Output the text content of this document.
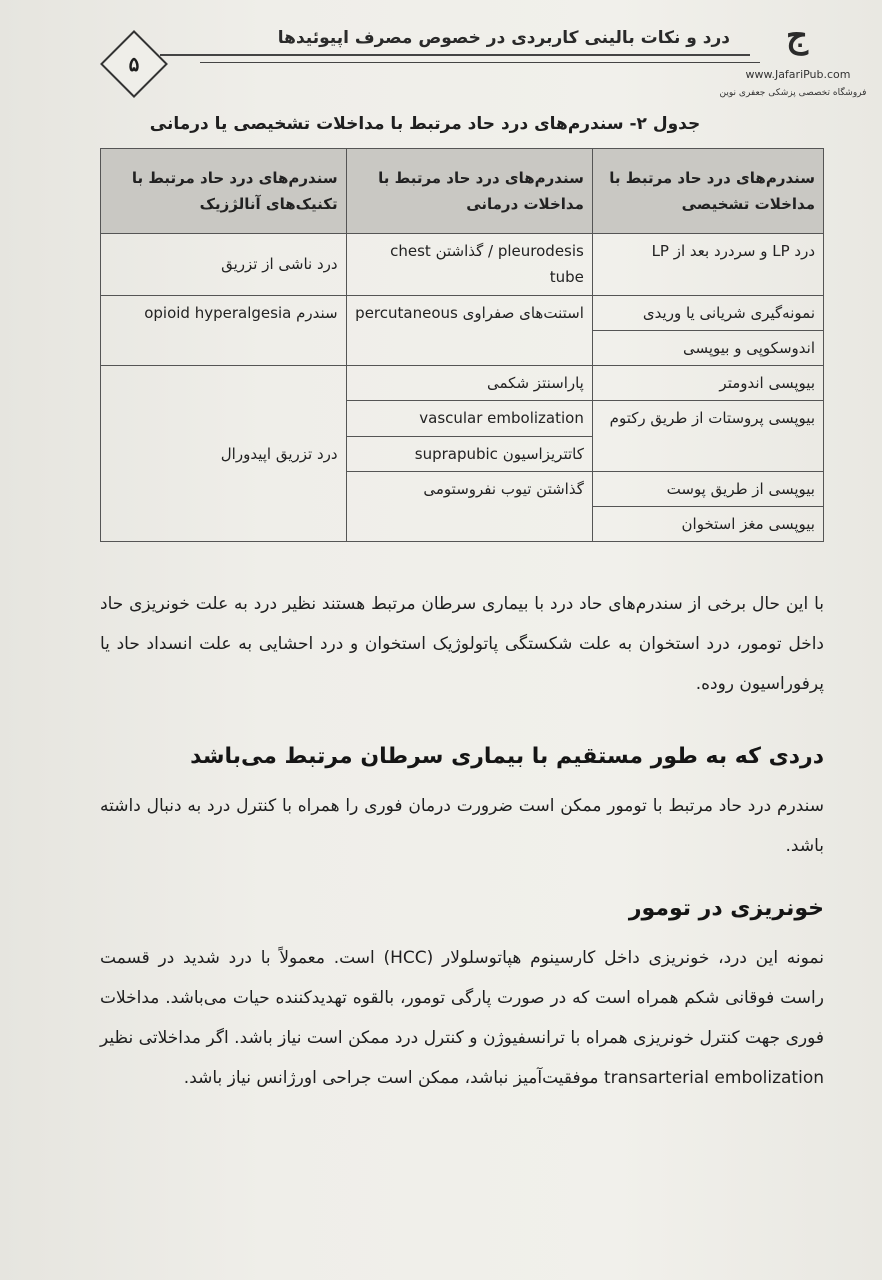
درد و نکات بالینی کاربردی در خصوص مصرف اپیوئیدها
۵
ج
www.JafariPub.com
فروشگاه تخصصی پزشکی جعفری نوین
جدول ۲- سندرم‌های درد حاد مرتبط با مداخلات تشخیصی یا درمانی
سندرم‌های درد حاد مرتبط با مداخلات تشخیصی	سندرم‌های درد حاد مرتبط با مداخلات درمانی	سندرم‌های درد حاد مرتبط با تکنیک‌های آنالژزیک
درد LP و سردرد بعد از LP	pleurodesis / گذاشتن chest tube	درد ناشی از تزریق
نمونه‌گیری شریانی یا وریدی	استنت‌های صفراوی percutaneous	سندرم opioid hyperalgesia
اندوسکوپی و بیوپسی		
بیوپسی اندومتر	پاراسنتز شکمی	درد تزریق اپیدورال
بیوپسی پروستات از طریق رکتوم	vascular embolization	
	کاتتریزاسیون suprapubic	
بیوپسی از طریق پوست	گذاشتن تیوب نفروستومی	
بیوپسی مغز استخوان		
با این حال برخی از سندرم‌های حاد درد با بیماری سرطان مرتبط هستند نظیر درد به علت خونریزی حاد داخل تومور، درد استخوان به علت شکستگی پاتولوژیک استخوان و درد احشایی به علت انسداد حاد یا پرفوراسیون روده.
دردی که به طور مستقیم با بیماری سرطان مرتبط می‌باشد
سندرم درد حاد مرتبط با تومور ممکن است ضرورت درمان فوری را همراه با کنترل درد به دنبال داشته باشد.
خونریزی در تومور
نمونه این درد، خونریزی داخل کارسینوم هپاتوسلولار (HCC) است. معمولاً با درد شدید در قسمت راست فوقانی شکم همراه است که در صورت پارگی تومور، بالقوه تهدیدکننده حیات می‌باشد. مداخلات فوری جهت کنترل خونریزی همراه با ترانسفیوژن و کنترل درد ممکن است نیاز باشد. اگر مداخلاتی نظیر transarterial embolization موفقیت‌آمیز نباشد، ممکن است جراحی اورژانس نیاز باشد.
